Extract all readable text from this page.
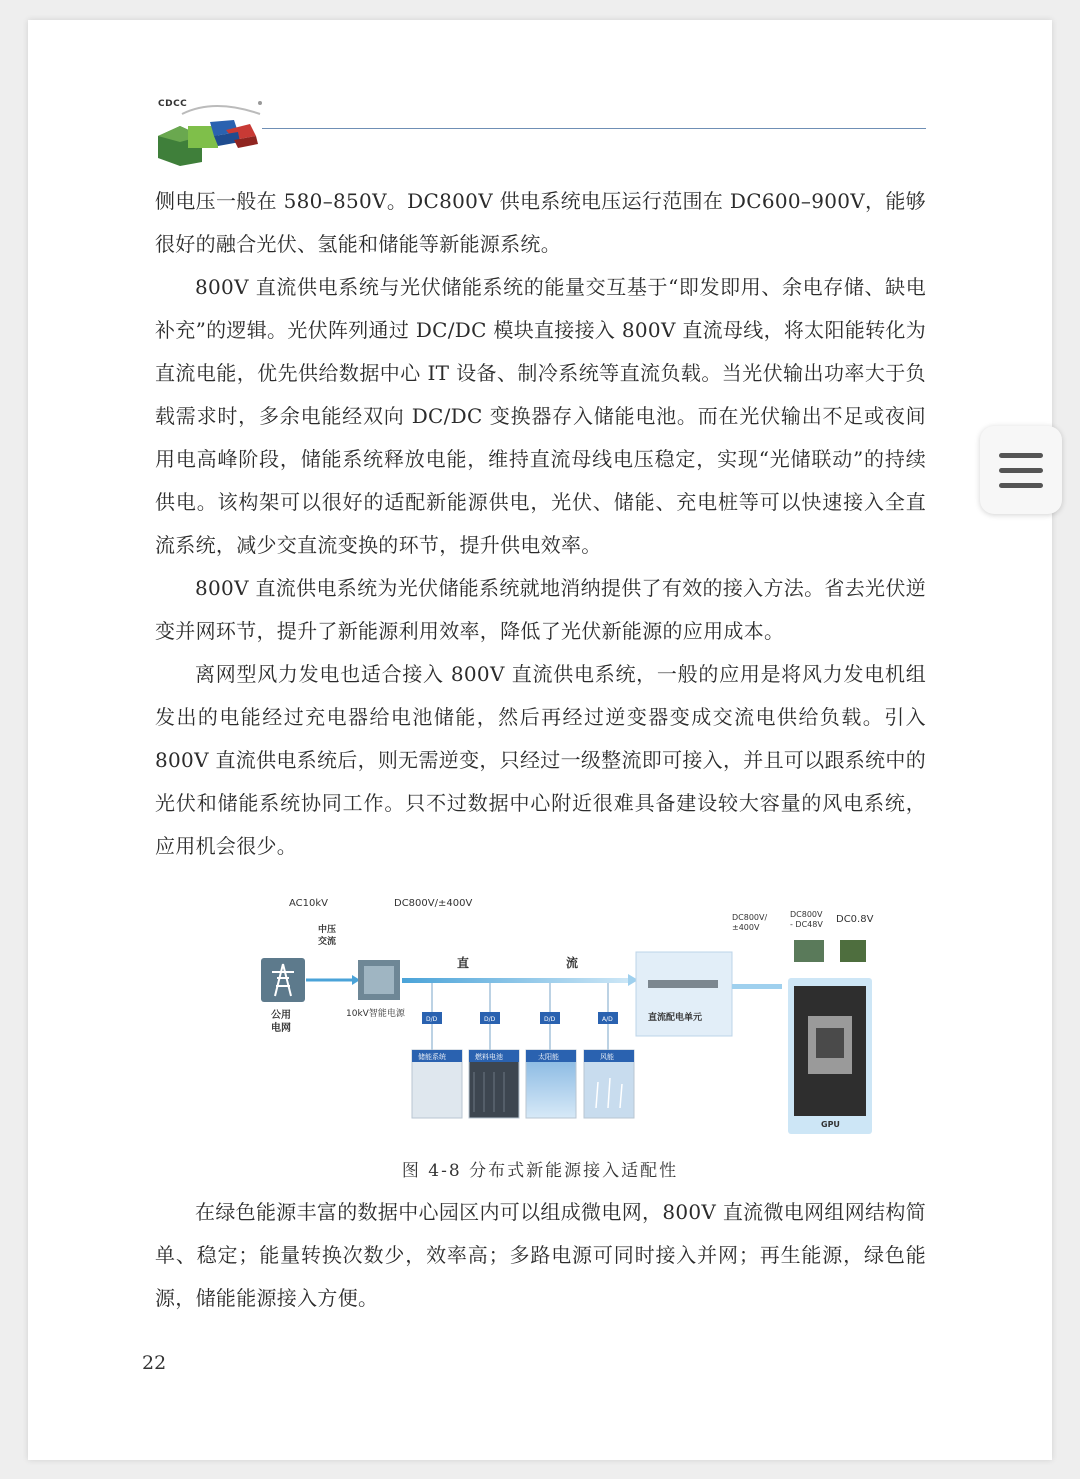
CDCC

侧电压一般在 580–850V。DC800V 供电系统电压运行范围在 DC600–900V，能够很好的融合光伏、氢能和储能等新能源系统。

800V 直流供电系统与光伏储能系统的能量交互基于“即发即用、余电存储、缺电补充”的逻辑。光伏阵列通过 DC/DC 模块直接接入 800V 直流母线，将太阳能转化为直流电能，优先供给数据中心 IT 设备、制冷系统等直流负载。当光伏输出功率大于负载需求时，多余电能经双向 DC/DC 变换器存入储能电池。而在光伏输出不足或夜间用电高峰阶段，储能系统释放电能，维持直流母线电压稳定，实现“光储联动”的持续供电。该构架可以很好的适配新能源供电，光伏、储能、充电桩等可以快速接入全直流系统，减少交直流变换的环节，提升供电效率。

800V 直流供电系统为光伏储能系统就地消纳提供了有效的接入方法。省去光伏逆变并网环节，提升了新能源利用效率，降低了光伏新能源的应用成本。

离网型风力发电也适合接入 800V 直流供电系统，一般的应用是将风力发电机组发出的电能经过充电器给电池储能，然后再经过逆变器变成交流电供给负载。引入 800V 直流供电系统后，则无需逆变，只经过一级整流即可接入，并且可以跟系统中的光伏和储能系统协同工作。只不过数据中心附近很难具备建设较大容量的风电系统，应用机会很少。

AC10kV	DC800V/±400V
中压
交流
公用
电网
10kV智能电源
直	流
D/D	D/D	D/D	A/D
储能系统	燃料电池	太阳能	风能
直流配电单元
DC800V/
±400V
DC800V
- DC48V DC0.8V
GPU
图 4-8 分布式新能源接入适配性

在绿色能源丰富的数据中心园区内可以组成微电网，800V 直流微电网组网结构简单、稳定；能量转换次数少，效率高；多路电源可同时接入并网；再生能源，绿色能源，储能能源接入方便。

22
